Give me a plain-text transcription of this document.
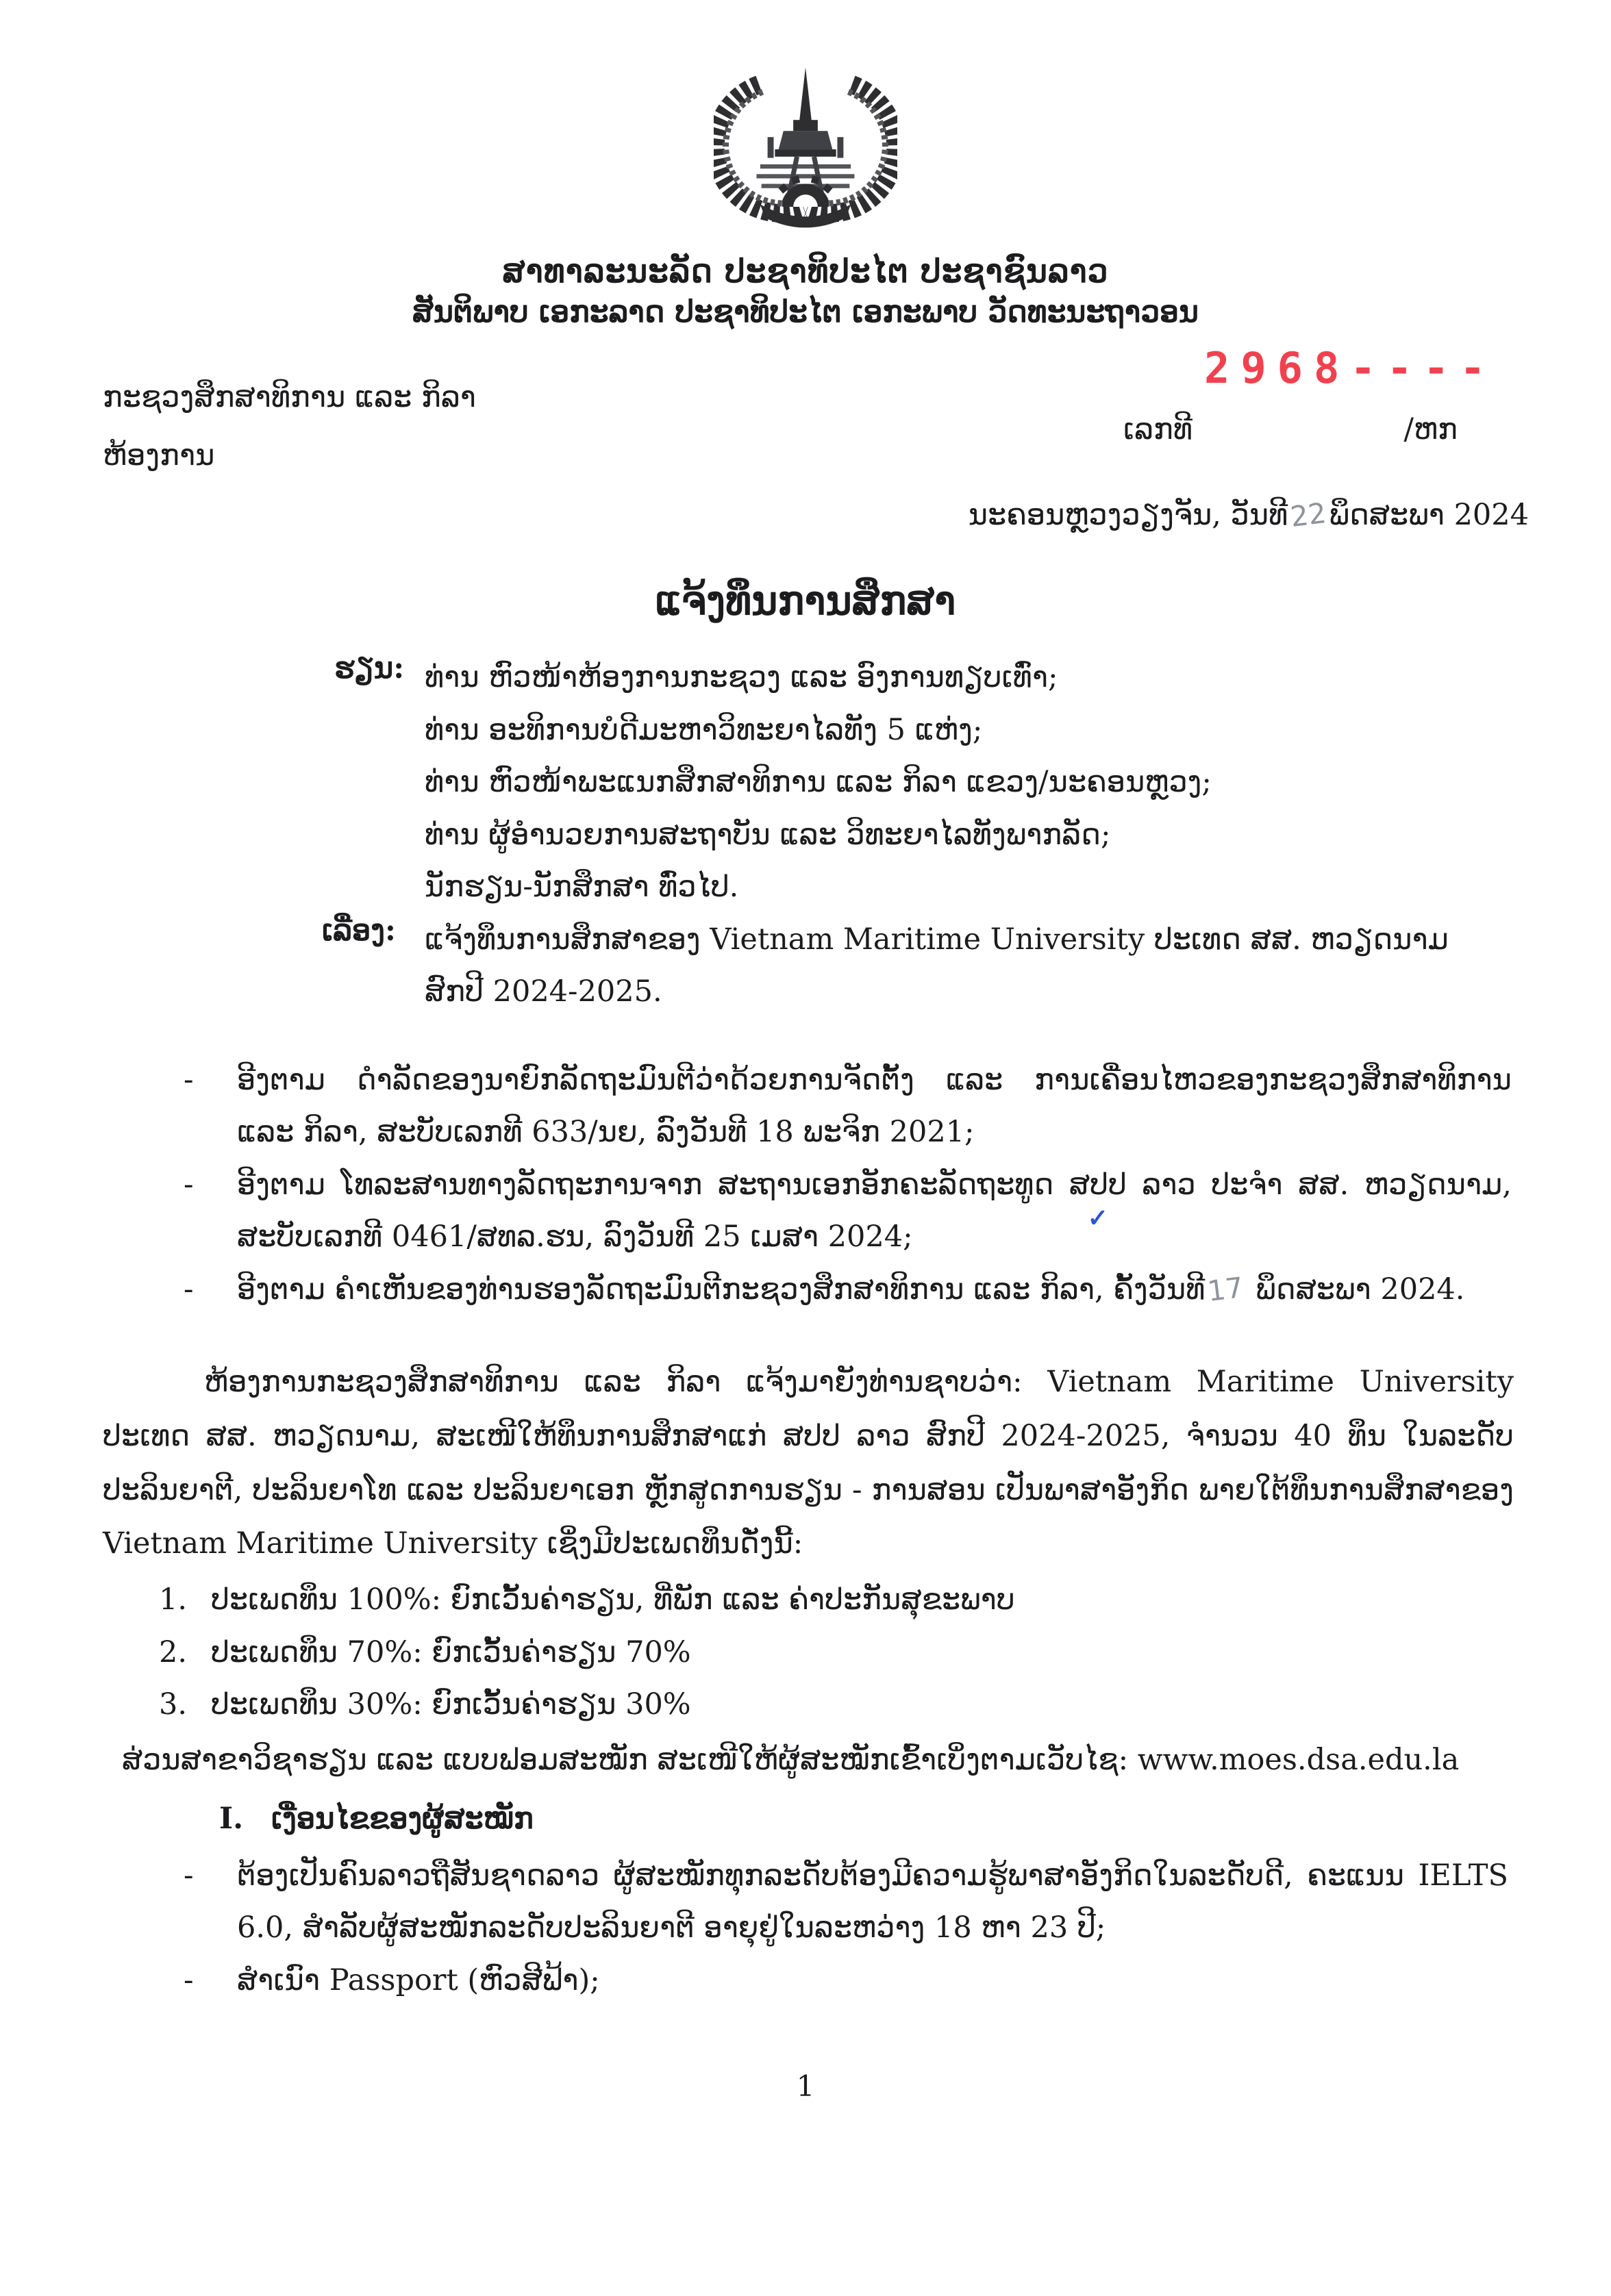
ສາທາລະນະລັດ ປະຊາທິປະໄຕ ປະຊາຊົນລາວ
ສັນຕິພາບ ເອກະລາດ ປະຊາທິປະໄຕ ເອກະພາບ ວັດທະນະຖາວອນ
ກະຊວງສຶກສາທິການ ແລະ ກິລາ
ຫ້ອງການ
2968----
ເລກທີ	/ຫກ
ນະຄອນຫຼວງວຽງຈັນ, ວັນທີ22ພຶດສະພາ 2024
ແຈ້ງທຶນການສຶກສາ
ຮຽນ: ທ່ານ ຫົວໜ້າຫ້ອງການກະຊວງ ແລະ ອົງການທຽບເທົ່າ;
ທ່ານ ອະທິການບໍດີມະຫາວິທະຍາໄລທັງ 5 ແຫ່ງ;
ທ່ານ ຫົວໜ້າພະແນກສຶກສາທິການ ແລະ ກິລາ ແຂວງ/ນະຄອນຫຼວງ;
ທ່ານ ຜູ້ອຳນວຍການສະຖາບັນ ແລະ ວິທະຍາໄລທັງພາກລັດ;
ນັກຮຽນ-ນັກສຶກສາ ທົ່ວໄປ.
ເລື່ອງ: ແຈ້ງທຶນການສຶກສາຂອງ Vietnam Maritime University ປະເທດ ສສ. ຫວຽດນາມ
ສົກປີ 2024-2025.
-	ອີງຕາມ ດຳລັດຂອງນາຍົກລັດຖະມົນຕີວ່າດ້ວຍການຈັດຕັ້ງ ແລະ ການເຄື່ອນໄຫວຂອງກະຊວງສຶກສາທິການ ແລະ ກິລາ, ສະບັບເລກທີ 633/ນຍ, ລົງວັນທີ 18 ພະຈິກ 2021;
-	ອີງຕາມ ໂທລະສານທາງລັດຖະການຈາກ ສະຖານເອກອັກຄະລັດຖະທູດ ສປປ
✓
ລາວ ປະຈຳ ສສ. ຫວຽດນາມ, ສະບັບເລກທີ 0461/ສທລ.ຮນ, ລົງວັນທີ 25 ເມສາ 2024;
-	ອີງຕາມ ຄຳເຫັນຂອງທ່ານຮອງລັດຖະມົນຕີກະຊວງສຶກສາທິການ ແລະ ກິລາ, ຄັ້ງວັນທີ17 ພຶດສະພາ 2024.

ຫ້ອງການກະຊວງສຶກສາທິການ ແລະ ກິລາ ແຈ້ງມາຍັງທ່ານຊາບວ່າ: Vietnam Maritime University ປະເທດ ສສ. ຫວຽດນາມ, ສະເໜີໃຫ້ທຶນການສຶກສາແກ່ ສປປ ລາວ ສົກປີ 2024-2025, ຈຳນວນ 40 ທຶນ ໃນລະດັບປະລິນຍາຕີ, ປະລິນຍາໂທ ແລະ ປະລິນຍາເອກ ຫຼັກສູດການຮຽນ - ການສອນ ເປັນພາສາອັງກິດ ພາຍໃຕ້ທຶນການສຶກສາຂອງ Vietnam Maritime University ເຊິ່ງມີປະເພດທຶນດັ່ງນີ້:

1. ປະເພດທຶນ 100%: ຍົກເວັ້ນຄ່າຮຽນ, ທີ່ພັກ ແລະ ຄ່າປະກັນສຸຂະພາບ
2. ປະເພດທຶນ 70%: ຍົກເວັ້ນຄ່າຮຽນ 70%
3. ປະເພດທຶນ 30%: ຍົກເວັ້ນຄ່າຮຽນ 30%
ສ່ວນສາຂາວິຊາຮຽນ ແລະ ແບບຟອມສະໝັກ ສະເໜີໃຫ້ຜູ້ສະໝັກເຂົ້າເບິ່ງຕາມເວັບໄຊ: www.moes.dsa.edu.la
I. ເງື່ອນໄຂຂອງຜູ້ສະໝັກ
-	ຕ້ອງເປັນຄົນລາວຖືສັນຊາດລາວ ຜູ້ສະໝັກທຸກລະດັບຕ້ອງມີຄວາມຮູ້ພາສາອັງກິດໃນລະດັບດີ, ຄະແນນ IELTS 6.0, ສຳລັບຜູ້ສະໝັກລະດັບປະລິນຍາຕີ ອາຍຸຢູ່ໃນລະຫວ່າງ 18 ຫາ 23 ປີ;
-	ສຳເນົາ Passport (ຫົວສີຟ້າ);
1
